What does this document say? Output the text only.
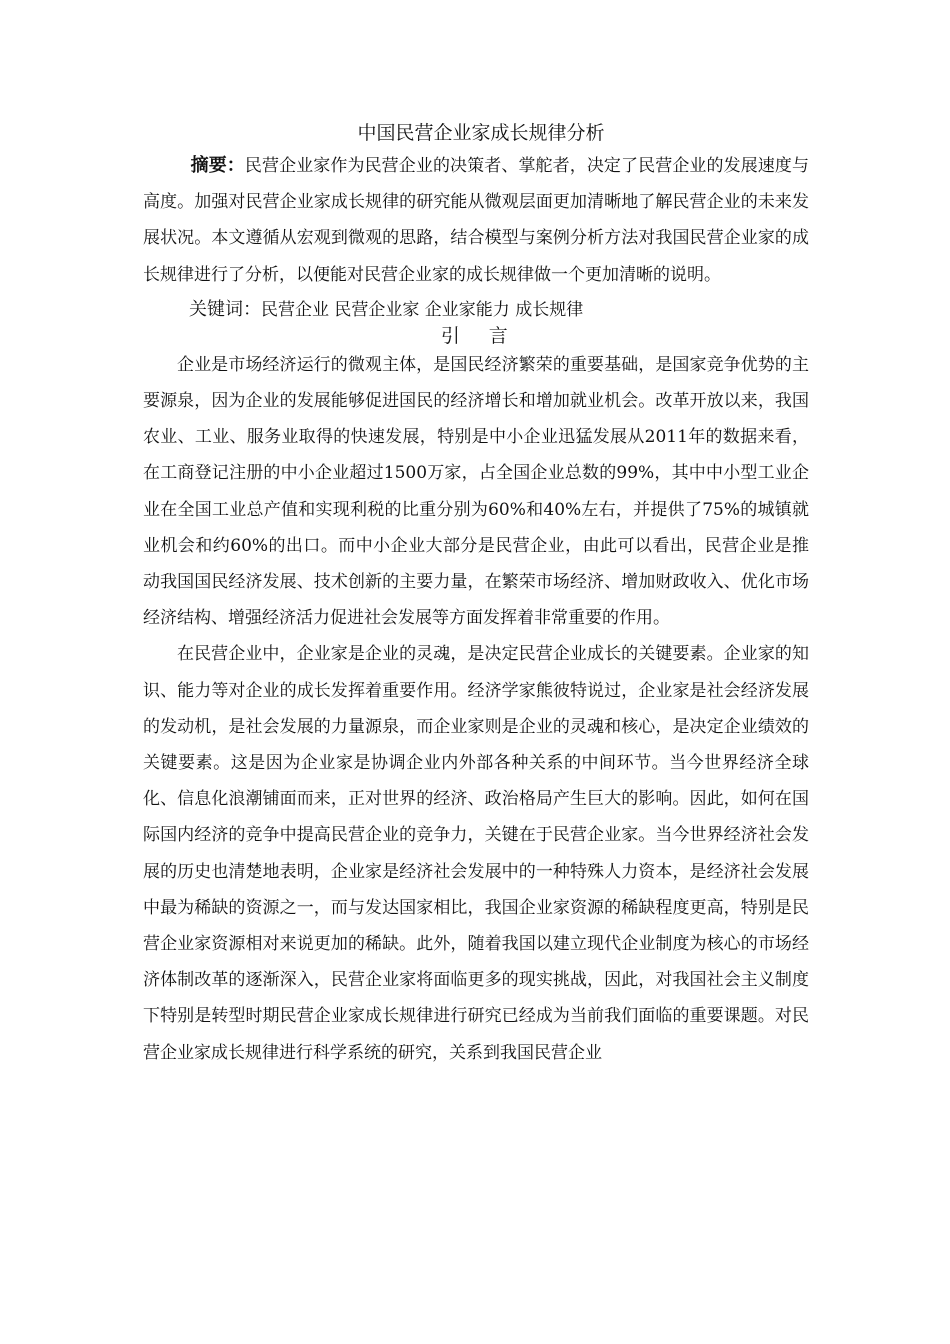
中国民营企业家成长规律分析

摘要：民营企业家作为民营企业的决策者、掌舵者，决定了民营企业的发展速度与高度。加强对民营企业家成长规律的研究能从微观层面更加清晰地了解民营企业的未来发展状况。本文遵循从宏观到微观的思路，结合模型与案例分析方法对我国民营企业家的成长规律进行了分析，以便能对民营企业家的成长规律做一个更加清晰的说明。

关键词：民营企业 民营企业家 企业家能力 成长规律

引 言

企业是市场经济运行的微观主体，是国民经济繁荣的重要基础，是国家竞争优势的主要源泉，因为企业的发展能够促进国民的经济增长和增加就业机会。改革开放以来，我国农业、工业、服务业取得的快速发展，特别是中小企业迅猛发展从2011年的数据来看，在工商登记注册的中小企业超过1500万家，占全国企业总数的99%，其中中小型工业企业在全国工业总产值和实现利税的比重分别为60%和40%左右，并提供了75%的城镇就业机会和约60%的出口。而中小企业大部分是民营企业，由此可以看出，民营企业是推动我国国民经济发展、技术创新的主要力量，在繁荣市场经济、增加财政收入、优化市场经济结构、增强经济活力促进社会发展等方面发挥着非常重要的作用。

在民营企业中，企业家是企业的灵魂，是决定民营企业成长的关键要素。企业家的知识、能力等对企业的成长发挥着重要作用。经济学家熊彼特说过，企业家是社会经济发展的发动机，是社会发展的力量源泉，而企业家则是企业的灵魂和核心，是决定企业绩效的关键要素。这是因为企业家是协调企业内外部各种关系的中间环节。当今世界经济全球化、信息化浪潮铺面而来，正对世界的经济、政治格局产生巨大的影响。因此，如何在国际国内经济的竞争中提高民营企业的竞争力，关键在于民营企业家。当今世界经济社会发展的历史也清楚地表明，企业家是经济社会发展中的一种特殊人力资本，是经济社会发展中最为稀缺的资源之一，而与发达国家相比，我国企业家资源的稀缺程度更高，特别是民营企业家资源相对来说更加的稀缺。此外，随着我国以建立现代企业制度为核心的市场经济体制改革的逐渐深入，民营企业家将面临更多的现实挑战，因此，对我国社会主义制度下特别是转型时期民营企业家成长规律进行研究已经成为当前我们面临的重要课题。对民营企业家成长规律进行科学系统的研究，关系到我国民营企业
